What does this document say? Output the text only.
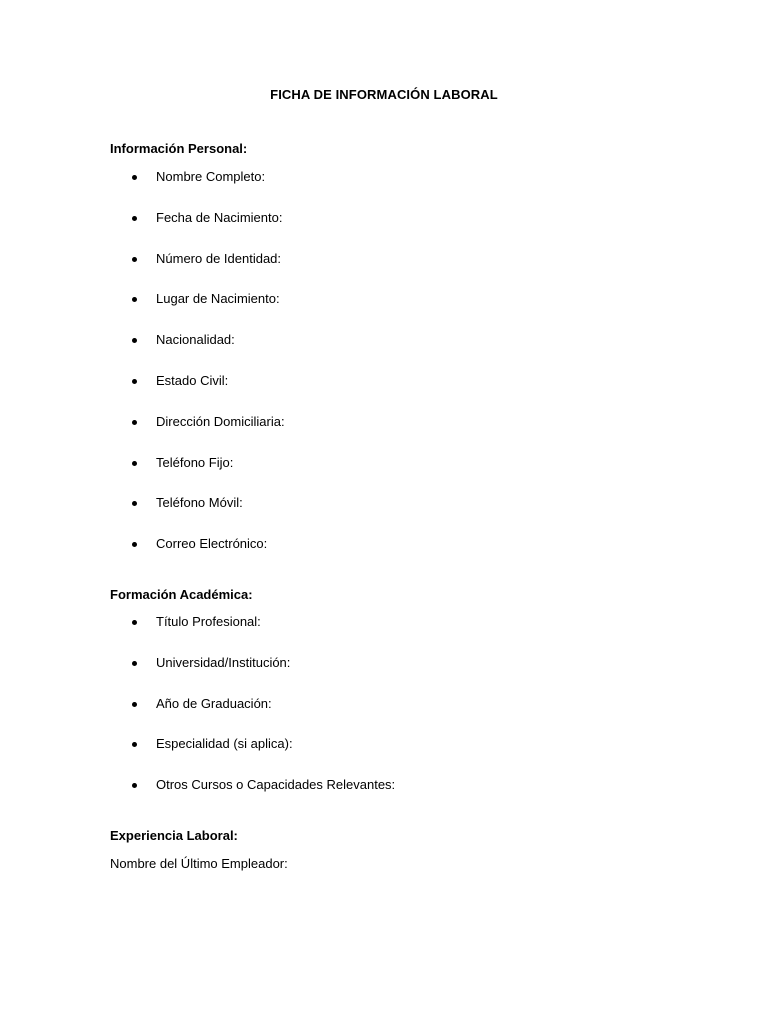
FICHA DE INFORMACIÓN LABORAL
Información Personal:
Nombre Completo:
Fecha de Nacimiento:
Número de Identidad:
Lugar de Nacimiento:
Nacionalidad:
Estado Civil:
Dirección Domiciliaria:
Teléfono Fijo:
Teléfono Móvil:
Correo Electrónico:
Formación Académica:
Título Profesional:
Universidad/Institución:
Año de Graduación:
Especialidad (si aplica):
Otros Cursos o Capacidades Relevantes:
Experiencia Laboral:
Nombre del Último Empleador:
